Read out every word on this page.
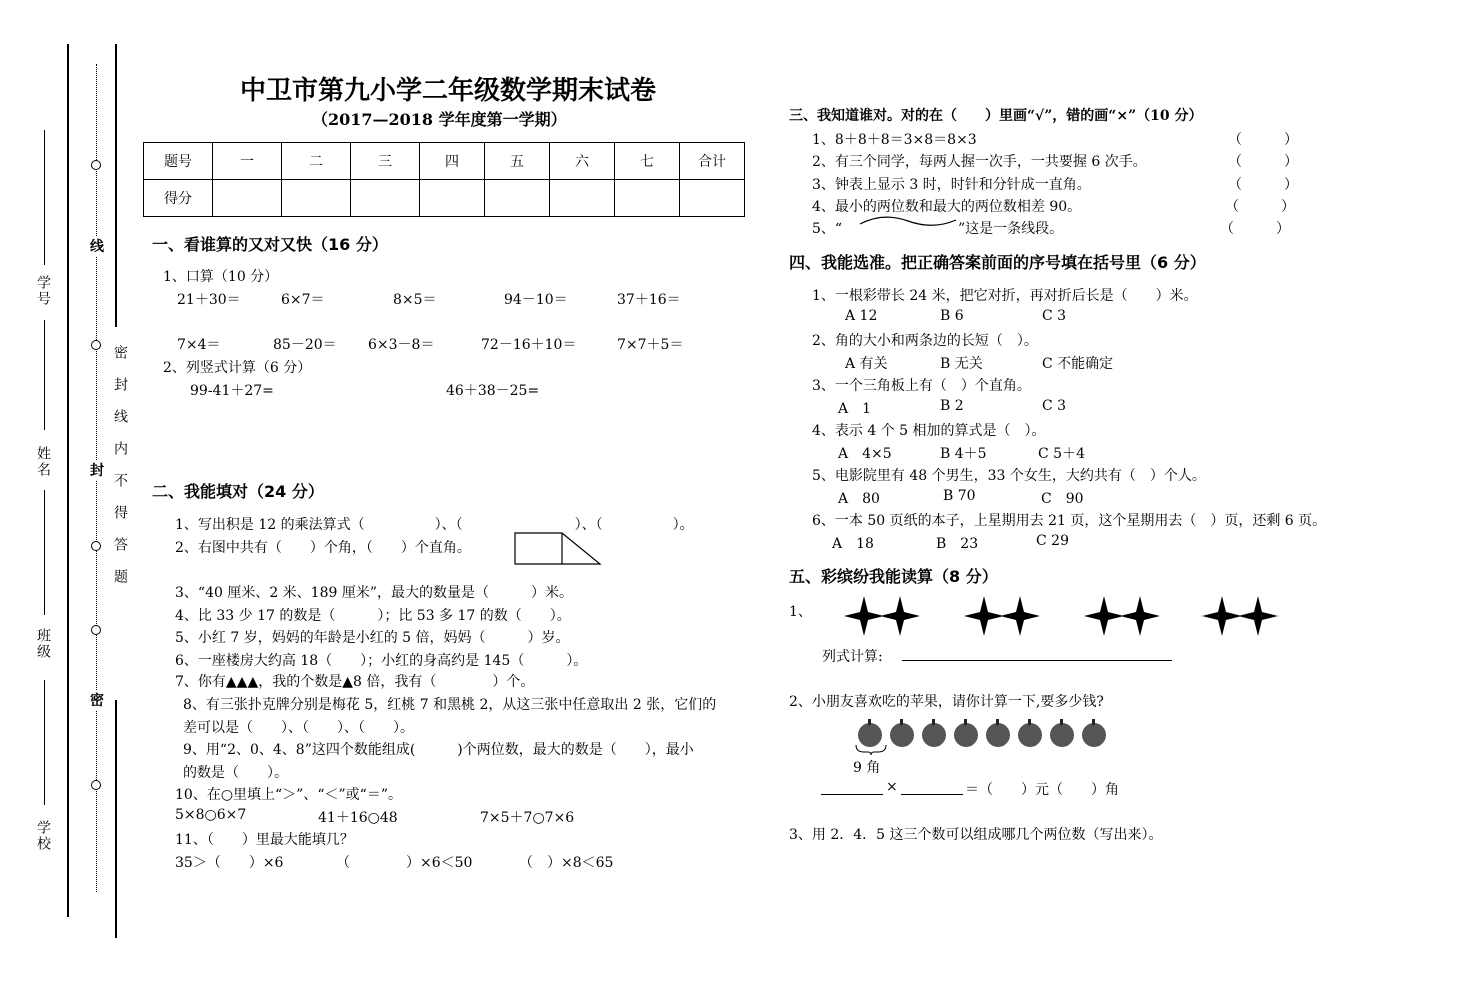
线
封
密
密封线内不得答题
学号
姓名
班级
学校
中卫市第九小学二年级数学期末试卷
（2017—2018 学年度第一学期）
题号	一	二	三	四	五	六	七	合计
得分								
一、看谁算的又对又快（16 分）
1、口算（10 分）
21＋30＝	6×7＝	8×5＝	94－10＝	37＋16＝
7×4＝	85－20＝ 6×3－8＝	72－16＋10＝	7×7＋5＝
2、列竖式计算（6 分）
99-41＋27=	46＋38－25=
二、我能填对（24 分）
1、写出积是 12 的乘法算式（　　　　　）、（　　　　　　　　）、（　　　　　）。
2、右图中共有（　　）个角，（　　）个直角。
3、“40 厘米、2 米、189 厘米”，最大的数量是（　　　）米。
4、比 33 少 17 的数是（　　　）；比 53 多 17 的数（　　）。
5、小红 7 岁，妈妈的年龄是小红的 5 倍，妈妈（　　　）岁。
6、一座楼房大约高 18（　　）；小红的身高约是 145（　　　）。
7、你有▲▲▲，我的个数是▲8 倍，我有（　　　　）个。
8、有三张扑克牌分别是梅花 5，红桃 7 和黑桃 2，从这三张中任意取出 2 张，它们的
差可以是（　　）、（　　）、（　　）。
9、用“2、0、4、8”这四个数能组成(　　　)个两位数，最大的数是（　　），最小
的数是（　　）。
10、在○里填上“＞”、“＜”或“＝”。
5×8○6×7	41＋16○48	7×5＋7○7×6
11、（　　）里最大能填几？
35＞（　　）×6	（　　　　）×6＜50	（　）×8＜65
三、我知道谁对。对的在（　　）里画“√”，错的画“×”（10 分）
1、8＋8＋8＝3×8＝8×3	（　　　）
2、有三个同学，每两人握一次手，一共要握 6 次手。	（　　　）
3、钟表上显示 3 时，时针和分针成一直角。	（　　　）
4、最小的两位数和最大的两位数相差 90。	（　　　）
5、“	”这是一条线段。	（　　　）
四、我能选准。把正确答案前面的序号填在括号里（6 分）
1、一根彩带长 24 米，把它对折，再对折后长是（　　）米。
A 12	B 6	C 3
2、角的大小和两条边的长短（　）。
A 有关	B 无关	C 不能确定
3、一个三角板上有（　）个直角。
A　1	B 2	C 3
4、表示 4 个 5 相加的算式是（　）。
A　4×5	B 4＋5	C 5＋4
5、电影院里有 48 个男生，33 个女生，大约共有（　）个人。
A　80	B 70	C　90
6、一本 50 页纸的本子，上星期用去 21 页，这个星期用去（　）页，还剩 6 页。
A　18	B　23	C 29
五、彩缤纷我能读算（8 分）
1、
列式计算:
2、小朋友喜欢吃的苹果，请你计算一下,要多少钱?
9 角
×	＝（　　）元（　　）角
3、用 2．4．5 这三个数可以组成哪几个两位数（写出来）。
